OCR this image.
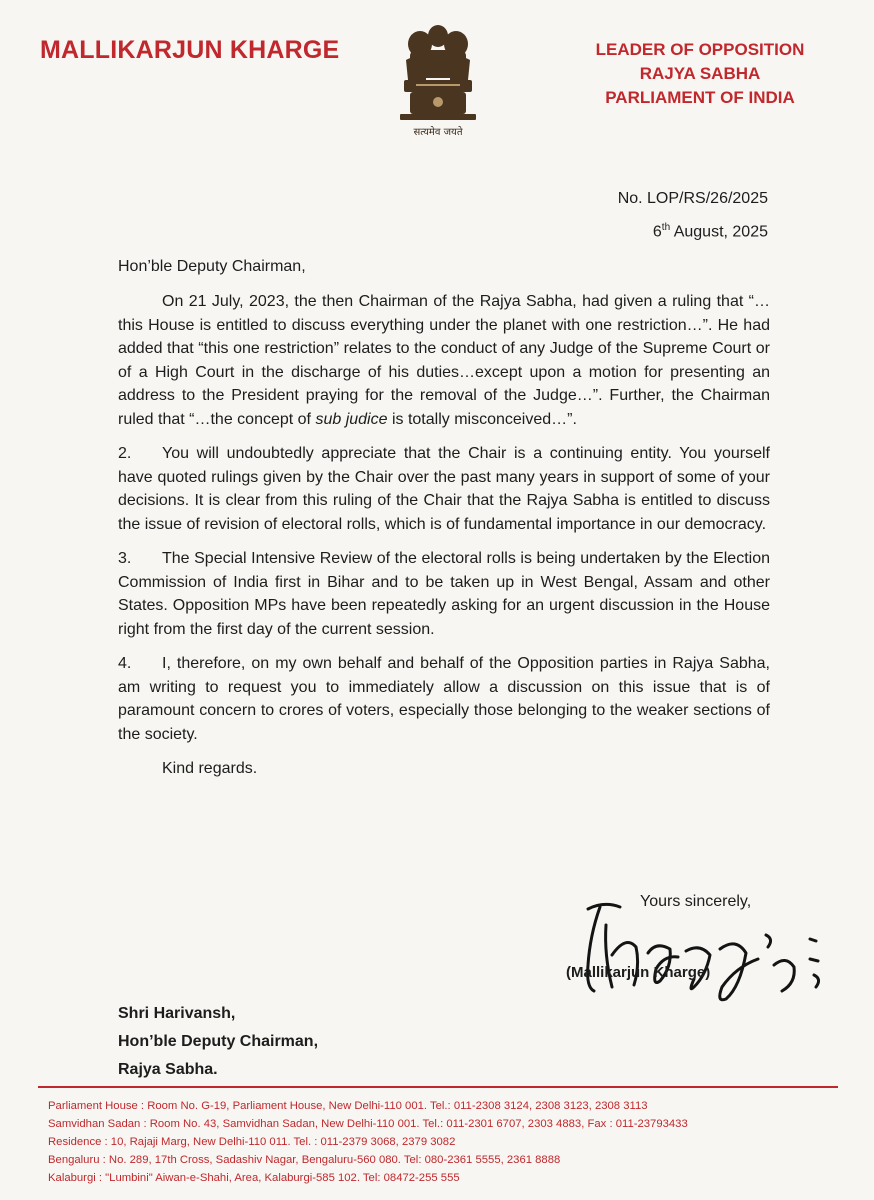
MALLIKARJUN KHARGE
सत्यमेव जयते
LEADER OF OPPOSITION
RAJYA SABHA
PARLIAMENT OF INDIA
No. LOP/RS/26/2025
6th August, 2025
Hon’ble Deputy Chairman,

On 21 July, 2023, the then Chairman of the Rajya Sabha, had given a ruling that “…this House is entitled to discuss everything under the planet with one restriction…”. He had added that “this one restriction” relates to the conduct of any Judge of the Supreme Court or of a High Court in the discharge of his duties…except upon a motion for presenting an address to the President praying for the removal of the Judge…”. Further, the Chairman ruled that “…the concept of sub judice is totally misconceived…”.

2. You will undoubtedly appreciate that the Chair is a continuing entity. You yourself have quoted rulings given by the Chair over the past many years in support of some of your decisions. It is clear from this ruling of the Chair that the Rajya Sabha is entitled to discuss the issue of revision of electoral rolls, which is of fundamental importance in our democracy.

3. The Special Intensive Review of the electoral rolls is being undertaken by the Election Commission of India first in Bihar and to be taken up in West Bengal, Assam and other States. Opposition MPs have been repeatedly asking for an urgent discussion in the House right from the first day of the current session.

4. I, therefore, on my own behalf and behalf of the Opposition parties in Rajya Sabha, am writing to request you to immediately allow a discussion on this issue that is of paramount concern to crores of voters, especially those belonging to the weaker sections of the society.

Kind regards.

Yours sincerely,
(Mallikarjun Kharge)
Shri Harivansh,
Hon’ble Deputy Chairman,
Rajya Sabha.
Parliament House : Room No. G-19, Parliament House, New Delhi-110 001. Tel.: 011-2308 3124, 2308 3123, 2308 3113
Samvidhan Sadan : Room No. 43, Samvidhan Sadan, New Delhi-110 001. Tel.: 011-2301 6707, 2303 4883, Fax : 011-23793433
Residence : 10, Rajaji Marg, New Delhi-110 011. Tel. : 011-2379 3068, 2379 3082
Bengaluru : No. 289, 17th Cross, Sadashiv Nagar, Bengaluru-560 080. Tel: 080-2361 5555, 2361 8888
Kalaburgi : "Lumbini" Aiwan-e-Shahi, Area, Kalaburgi-585 102. Tel: 08472-255 555
